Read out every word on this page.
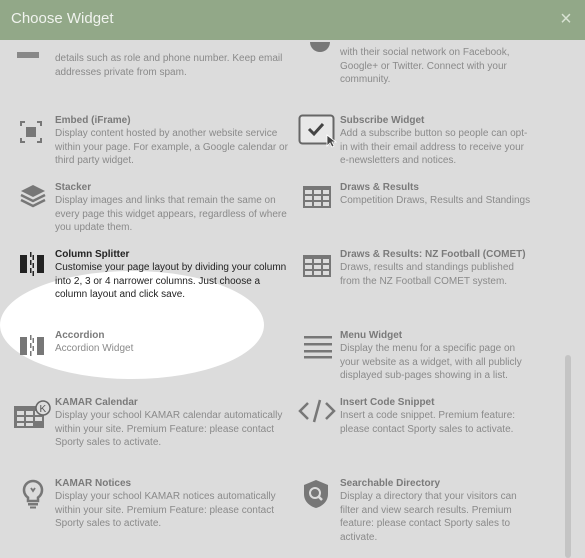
Choose Widget	×
details such as role and phone number. Keep email addresses private from spam.
Embed (iFrame)
Display content hosted by another website service within your page. For example, a Google calendar or third party widget.
Stacker
Display images and links that remain the same on every page this widget appears, regardless of where you update them.
Column Splitter
Customise your page layout by dividing your column into 2, 3 or 4 narrower columns. Just choose a column layout and click save.
Accordion
Accordion Widget
K
KAMAR Calendar
Display your school KAMAR calendar automatically within your site. Premium Feature: please contact Sporty sales to activate.
KAMAR Notices
Display your school KAMAR notices automatically within your site. Premium Feature: please contact Sporty sales to activate.
with their social network on Facebook, Google+ or Twitter. Connect with your community.
Subscribe Widget
Add a subscribe button so people can opt-in with their email address to receive your e-newsletters and notices.
Draws & Results
Competition Draws, Results and Standings
Draws & Results: NZ Football (COMET)
Draws, results and standings published from the NZ Football COMET system.
Menu Widget
Display the menu for a specific page on your website as a widget, with all publicly displayed sub-pages showing in a list.
Insert Code Snippet
Insert a code snippet. Premium feature: please contact Sporty sales to activate.
Searchable Directory
Display a directory that your visitors can filter and view search results. Premium feature: please contact Sporty sales to activate.
